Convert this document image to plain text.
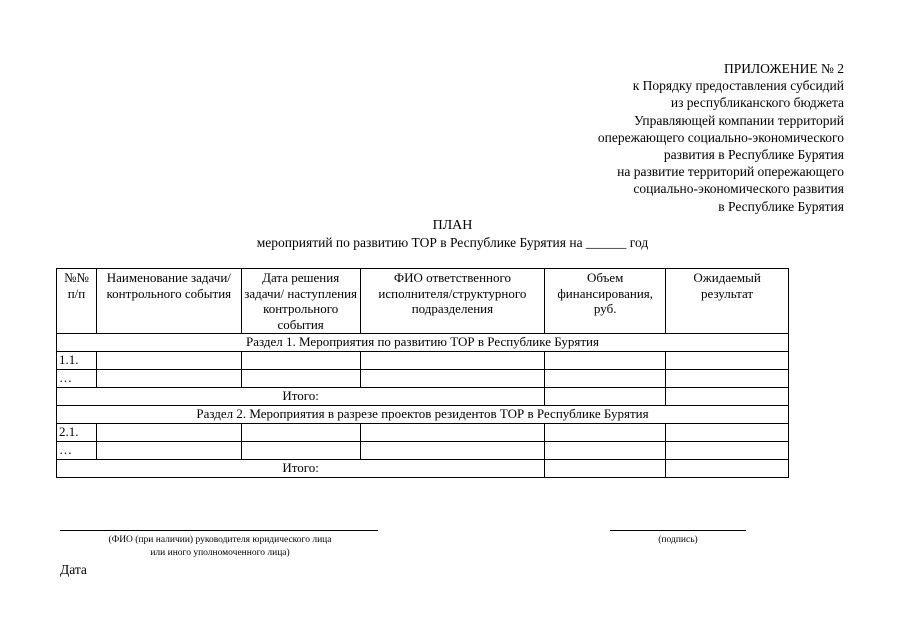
ПРИЛОЖЕНИЕ № 2
к Порядку предоставления субсидий
из республиканского бюджета
Управляющей компании территорий
опережающего социально-экономического
развития в Республике Бурятия
на развитие территорий опережающего
социально-экономического развития
в Республике Бурятия
ПЛАН
мероприятий по развитию ТОР в Республике Бурятия на ______ год
№№ п/п	Наименование задачи/контрольного события	Дата решения задачи/ наступления контрольного события	ФИО ответственного исполнителя/структурного подразделения	Объем финансирования, руб.	Ожидаемый результат
Раздел 1. Мероприятия по развитию ТОР в Республике Бурятия					
1.1.					
…					
Итого:					
Раздел 2. Мероприятия в разрезе проектов резидентов ТОР в Республике Бурятия					
2.1.					
…					
Итого:					
(ФИО (при наличии) руководителя юридического лица
или иного уполномоченного лица)
(подпись)
Дата
